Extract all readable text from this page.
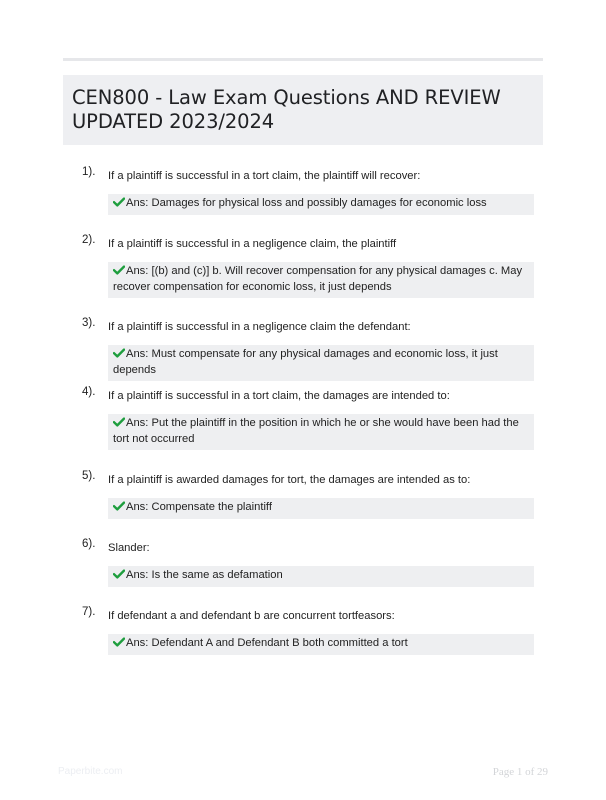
CEN800 - Law Exam Questions AND REVIEW UPDATED 2023/2024
1). If a plaintiff is successful in a tort claim, the plaintiff will recover:
Ans: Damages for physical loss and possibly damages for economic loss
2). If a plaintiff is successful in a negligence claim, the plaintiff
Ans: [(b) and (c)] b. Will recover compensation for any physical damages c. May recover compensation for economic loss, it just depends
3). If a plaintiff is successful in a negligence claim the defendant:
Ans: Must compensate for any physical damages and economic loss, it just depends
4). If a plaintiff is successful in a tort claim, the damages are intended to:
Ans: Put the plaintiff in the position in which he or she would have been had the tort not occurred
5). If a plaintiff is awarded damages for tort, the damages are intended as to:
Ans: Compensate the plaintiff
6). Slander:
Ans: Is the same as defamation
7). If defendant a and defendant b are concurrent tortfeasors:
Ans: Defendant A and Defendant B both committed a tort
Paperbite.com	Page 1 of 29
